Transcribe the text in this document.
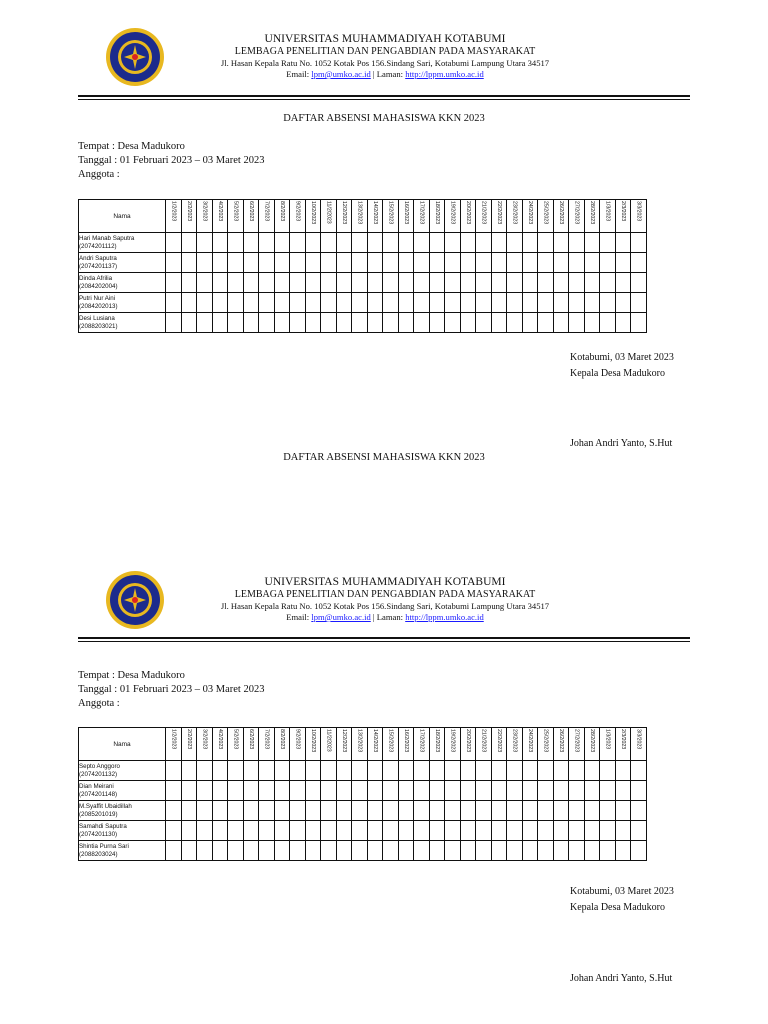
UNIVERSITAS MUHAMMADIYAH KOTABUMI
LEMBAGA PENELITIAN DAN PENGABDIAN PADA MASYARAKAT
Jl. Hasan Kepala Ratu No. 1052 Kotak Pos 156.Sindang Sari, Kotabumi Lampung Utara 34517
Email: lpm@umko.ac.id | Laman: http://lppm.umko.ac.id
DAFTAR ABSENSI MAHASISWA KKN 2023
Tempat : Desa Madukoro
Tanggal : 01 Februari 2023 – 03 Maret 2023
Anggota :
Nama	1/2/2023	2/2/2023	3/2/2023	4/2/2023	5/2/2023	6/2/2023	7/2/2023	8/2/2023	9/2/2023	10/2/2023	11/2/2023	12/2/2023	13/2/2023	14/2/2023	15/2/2023	16/2/2023	17/2/2023	18/2/2023	19/2/2023	20/2/2023	21/2/2023	22/2/2023	23/2/2023	24/2/2023	25/2/2023	26/2/2023	27/2/2023	28/2/2023	1/3/2023	2/3/2023	3/3/2023

Hari Manab Saputra
(2074201112)																															

Andri Saputra
(2074201137)																															

Dinda Afrilia
(2084202004)																															

Putri Nur Aini
(2084202013)																															

Desi Lusiana
(2088203021)																															

Kotabumi, 03 Maret 2023
Kepala Desa Madukoro
Johan Andri Yanto, S.Hut
DAFTAR ABSENSI MAHASISWA KKN 2023
UNIVERSITAS MUHAMMADIYAH KOTABUMI
LEMBAGA PENELITIAN DAN PENGABDIAN PADA MASYARAKAT
Jl. Hasan Kepala Ratu No. 1052 Kotak Pos 156.Sindang Sari, Kotabumi Lampung Utara 34517
Email: lpm@umko.ac.id | Laman: http://lppm.umko.ac.id
Tempat : Desa Madukoro
Tanggal : 01 Februari 2023 – 03 Maret 2023
Anggota :
Nama	1/2/2023	2/2/2023	3/2/2023	4/2/2023	5/2/2023	6/2/2023	7/2/2023	8/2/2023	9/2/2023	10/2/2023	11/2/2023	12/2/2023	13/2/2023	14/2/2023	15/2/2023	16/2/2023	17/2/2023	18/2/2023	19/2/2023	20/2/2023	21/2/2023	22/2/2023	23/2/2023	24/2/2023	25/2/2023	26/2/2023	27/2/2023	28/2/2023	1/3/2023	2/3/2023	3/3/2023

Septo Anggoro
(2074201132)																															

Dian Meirani
(2074201148)																															

M.Syaffit Ubaidillah
(2085201019)																															

Samahdi Saputra
(2074201130)																															

Shintia Purna Sari
(2088203024)																															

Kotabumi, 03 Maret 2023
Kepala Desa Madukoro
Johan Andri Yanto, S.Hut
